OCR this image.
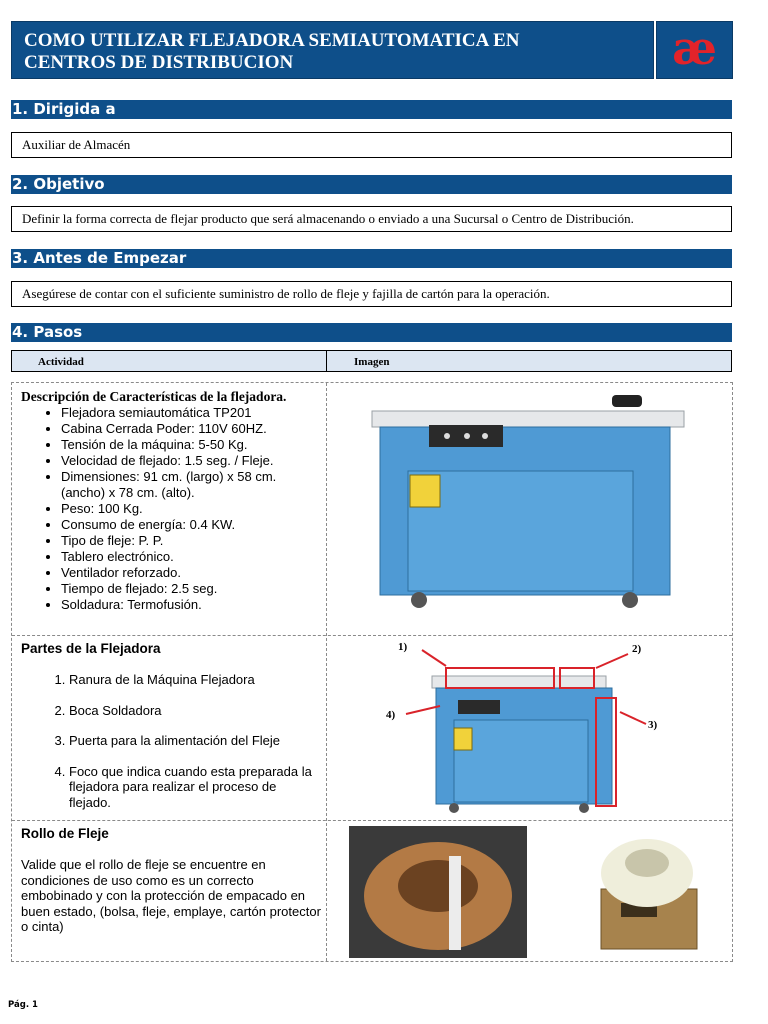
COMO UTILIZAR FLEJADORA SEMIAUTOMATICA EN
CENTROS DE DISTRIBUCION	æ
1. Dirigida a
Auxiliar de Almacén
2. Objetivo
Definir la forma correcta de flejar producto que será almacenando o enviado a una Sucursal o Centro de Distribución.
3. Antes de Empezar
Asegúrese de contar con el suficiente suministro de rollo de fleje y fajilla de cartón para la operación.
4. Pasos
Actividad	Imagen
Descripción de Características de la flejadora.
• Flejadora semiautomática TP201
• Cabina Cerrada Poder: 110V 60HZ.
• Tensión de la máquina: 5-50 Kg.
• Velocidad de flejado: 1.5 seg. / Fleje.
• Dimensiones: 91 cm. (largo) x 58 cm. (ancho) x 78 cm. (alto).
• Peso: 100 Kg.
• Consumo de energía: 0.4 KW.
• Tipo de fleje: P. P.
• Tablero electrónico.
• Ventilador reforzado.
• Tiempo de flejado: 2.5 seg.
• Soldadura: Termofusión.
Partes de la Flejadora
1. Ranura de la Máquina Flejadora
2. Boca Soldadora
3. Puerta para la alimentación del Fleje
4. Foco que indica cuando esta preparada la flejadora para realizar el proceso de flejado.
1)	2)
3)
4)
Rollo de Fleje
Valide que el rollo de fleje se encuentre en condiciones de uso como es un correcto embobinado y con la protección de empacado en buen estado, (bolsa, fleje, emplaye, cartón protector o cinta)
Pág. 1
